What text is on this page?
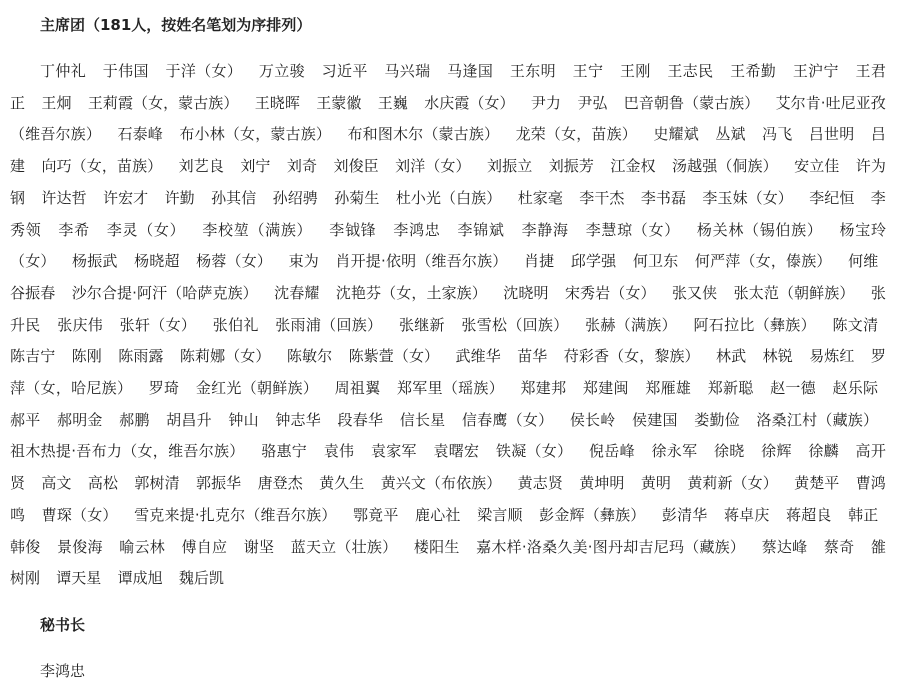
主席团（181人，按姓名笔划为序排列）

丁仲礼  于伟国  于洋（女）  万立骏  习近平  马兴瑞  马逢国  王东明  王宁  王刚  王志民  王希勤  王沪宁  王君正  王炯  王莉霞（女，蒙古族）  王晓晖  王蒙徽  王巍  水庆霞（女）  尹力  尹弘  巴音朝鲁（蒙古族）  艾尔肯·吐尼亚孜（维吾尔族）  石泰峰  布小林（女，蒙古族）  布和图木尔（蒙古族）  龙荣（女，苗族）  史耀斌  丛斌  冯飞  吕世明  吕建  向巧（女，苗族）  刘艺良  刘宁  刘奇  刘俊臣  刘洋（女）  刘振立  刘振芳  江金权  汤越强（侗族）  安立佳  许为钢  许达哲  许宏才  许勤  孙其信  孙绍骋  孙菊生  杜小光（白族）  杜家毫  李干杰  李书磊  李玉妹（女）  李纪恒  李秀领  李希  李灵（女）  李校堃（满族）  李钺锋  李鸿忠  李锦斌  李静海  李慧琼（女）  杨关林（锡伯族）  杨宝玲（女）  杨振武  杨晓超  杨蓉（女）  束为  肖开提·依明（维吾尔族）  肖捷  邱学强  何卫东  何严萍（女，傣族）  何维  谷振春  沙尔合提·阿汗（哈萨克族）  沈春耀  沈艳芬（女，土家族）  沈晓明  宋秀岩（女）  张又侠  张太范（朝鲜族）  张升民  张庆伟  张轩（女）  张伯礼  张雨浦（回族）  张继新  张雪松（回族）  张赫（满族）  阿石拉比（彝族）  陈文清  陈吉宁  陈刚  陈雨露  陈莉娜（女）  陈敏尔  陈紫萱（女）  武维华  苗华  苻彩香（女，黎族）  林武  林锐  易炼红  罗萍（女，哈尼族）  罗琦  金红光（朝鲜族）  周祖翼  郑军里（瑶族）  郑建邦  郑建闽  郑雁雄  郑新聪  赵一德  赵乐际  郝平  郝明金  郝鹏  胡昌升  钟山  钟志华  段春华  信长星  信春鹰（女）  侯长岭  侯建国  娄勤俭  洛桑江村（藏族）  祖木热提·吾布力（女，维吾尔族）  骆惠宁  袁伟  袁家军  袁曙宏  铁凝（女）  倪岳峰  徐永军  徐晓  徐辉  徐麟  高开贤  高文  高松  郭树清  郭振华  唐登杰  黄久生  黄兴文（布依族）  黄志贤  黄坤明  黄明  黄莉新（女）  黄楚平  曹鸿鸣  曹琛（女）  雪克来提·扎克尔（维吾尔族）  鄂竟平  鹿心社  梁言顺  彭金辉（彝族）  彭清华  蒋卓庆  蒋超良  韩正  韩俊  景俊海  喻云林  傅自应  谢坚  蓝天立（壮族）  楼阳生  嘉木样·洛桑久美·图丹却吉尼玛（藏族）  蔡达峰  蔡奇  雒树刚  谭天星  谭成旭  魏后凯 

秘书长

李鸿忠
